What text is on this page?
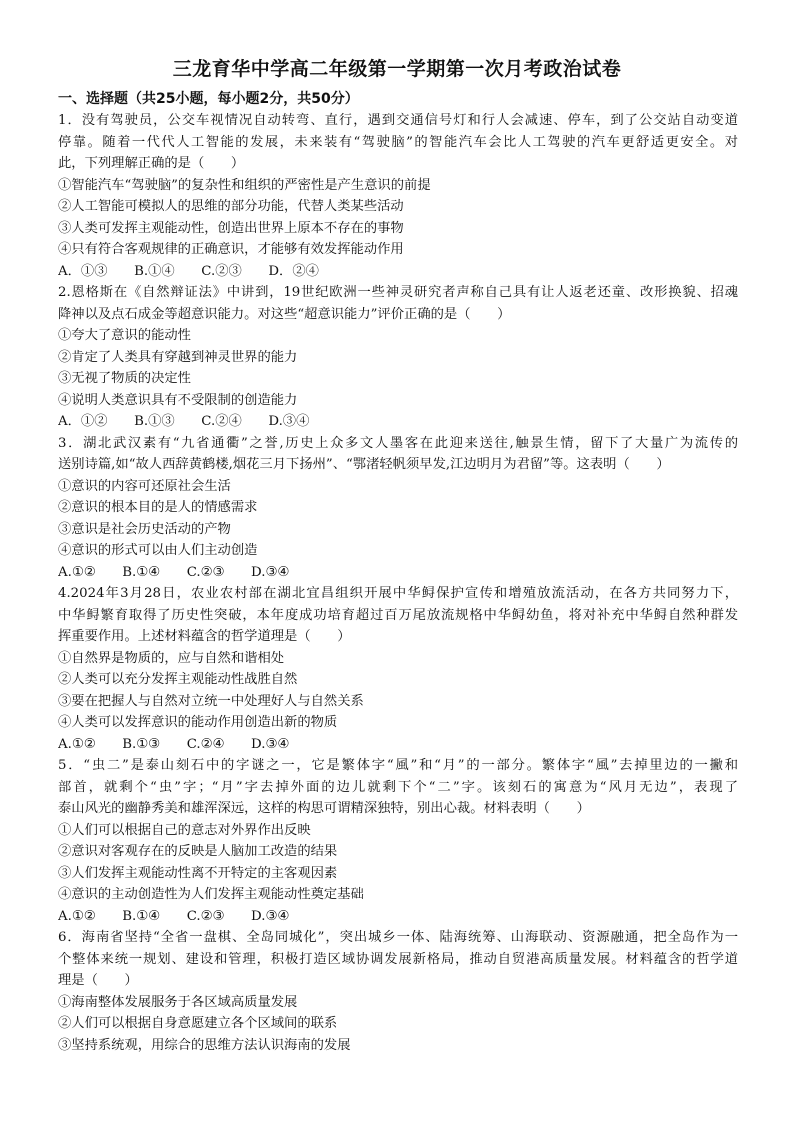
三龙育华中学高二年级第一学期第一次月考政治试卷
一、选择题（共25小题，每小题2分，共50分）
1．没有驾驶员，公交车视情况自动转弯、直行，遇到交通信号灯和行人会减速、停车，到了公交站自动变道
停靠。随着一代代人工智能的发展，未来装有“驾驶脑”的智能汽车会比人工驾驶的汽车更舒适更安全。对
此，下列理解正确的是（　　）
①智能汽车“驾驶脑”的复杂性和组织的严密性是产生意识的前提
②人工智能可模拟人的思维的部分功能，代替人类某些活动
③人类可发挥主观能动性，创造出世界上原本不存在的事物
④只有符合客观规律的正确意识，才能够有效发挥能动作用
A．①③　　B.①④　　C.②③　　D．②④
2.恩格斯在《自然辩证法》中讲到，19世纪欧洲一些神灵研究者声称自己具有让人返老还童、改形换貌、招魂
降神以及点石成金等超意识能力。对这些“超意识能力”评价正确的是（　　）
①夸大了意识的能动性
②肯定了人类具有穿越到神灵世界的能力
③无视了物质的决定性
④说明人类意识具有不受限制的创造能力
A．①②　　B.①③　　C.②④　　D.③④
3．湖北武汉素有“九省通衢”之誉,历史上众多文人墨客在此迎来送往,触景生情，留下了大量广为流传的
送别诗篇,如“故人西辞黄鹤楼,烟花三月下扬州”、“鄂渚轻帆须早发,江边明月为君留”等。这表明（　　）
①意识的内容可还原社会生活
②意识的根本目的是人的情感需求
③意识是社会历史活动的产物
④意识的形式可以由人们主动创造
A.①②　　B.①④　　C.②③　　D.③④
4.2024年3月28日，农业农村部在湖北宜昌组织开展中华鲟保护宣传和增殖放流活动，在各方共同努力下，
中华鲟繁育取得了历史性突破，本年度成功培育超过百万尾放流规格中华鲟幼鱼，将对补充中华鲟自然种群发
挥重要作用。上述材料蕴含的哲学道理是（　　）
①自然界是物质的，应与自然和谐相处
②人类可以充分发挥主观能动性战胜自然
③要在把握人与自然对立统一中处理好人与自然关系
④人类可以发挥意识的能动作用创造出新的物质
A.①②　　B.①③　　C.②④　　D.③④
5．“虫二”是泰山刻石中的字谜之一，它是繁体字“風”和“月”的一部分。繁体字“風”去掉里边的一撇和
部首，就剩个“虫”字；“月”字去掉外面的边儿就剩下个“二”字。该刻石的寓意为“风月无边”，表现了
泰山风光的幽静秀美和雄浑深远，这样的构思可谓精深独特，别出心裁。材料表明（　　）
①人们可以根据自己的意志对外界作出反映
②意识对客观存在的反映是人脑加工改造的结果
③人们发挥主观能动性离不开特定的主客观因素
④意识的主动创造性为人们发挥主观能动性奠定基础
A.①②　　B.①④　　C.②③　　D.③④
6．海南省坚持“全省一盘棋、全岛同城化”，突出城乡一体、陆海统筹、山海联动、资源融通，把全岛作为一
个整体来统一规划、建设和管理，积极打造区域协调发展新格局，推动自贸港高质量发展。材料蕴含的哲学道
理是（　　）
①海南整体发展服务于各区域高质量发展
②人们可以根据自身意愿建立各个区域间的联系
③坚持系统观，用综合的思维方法认识海南的发展
